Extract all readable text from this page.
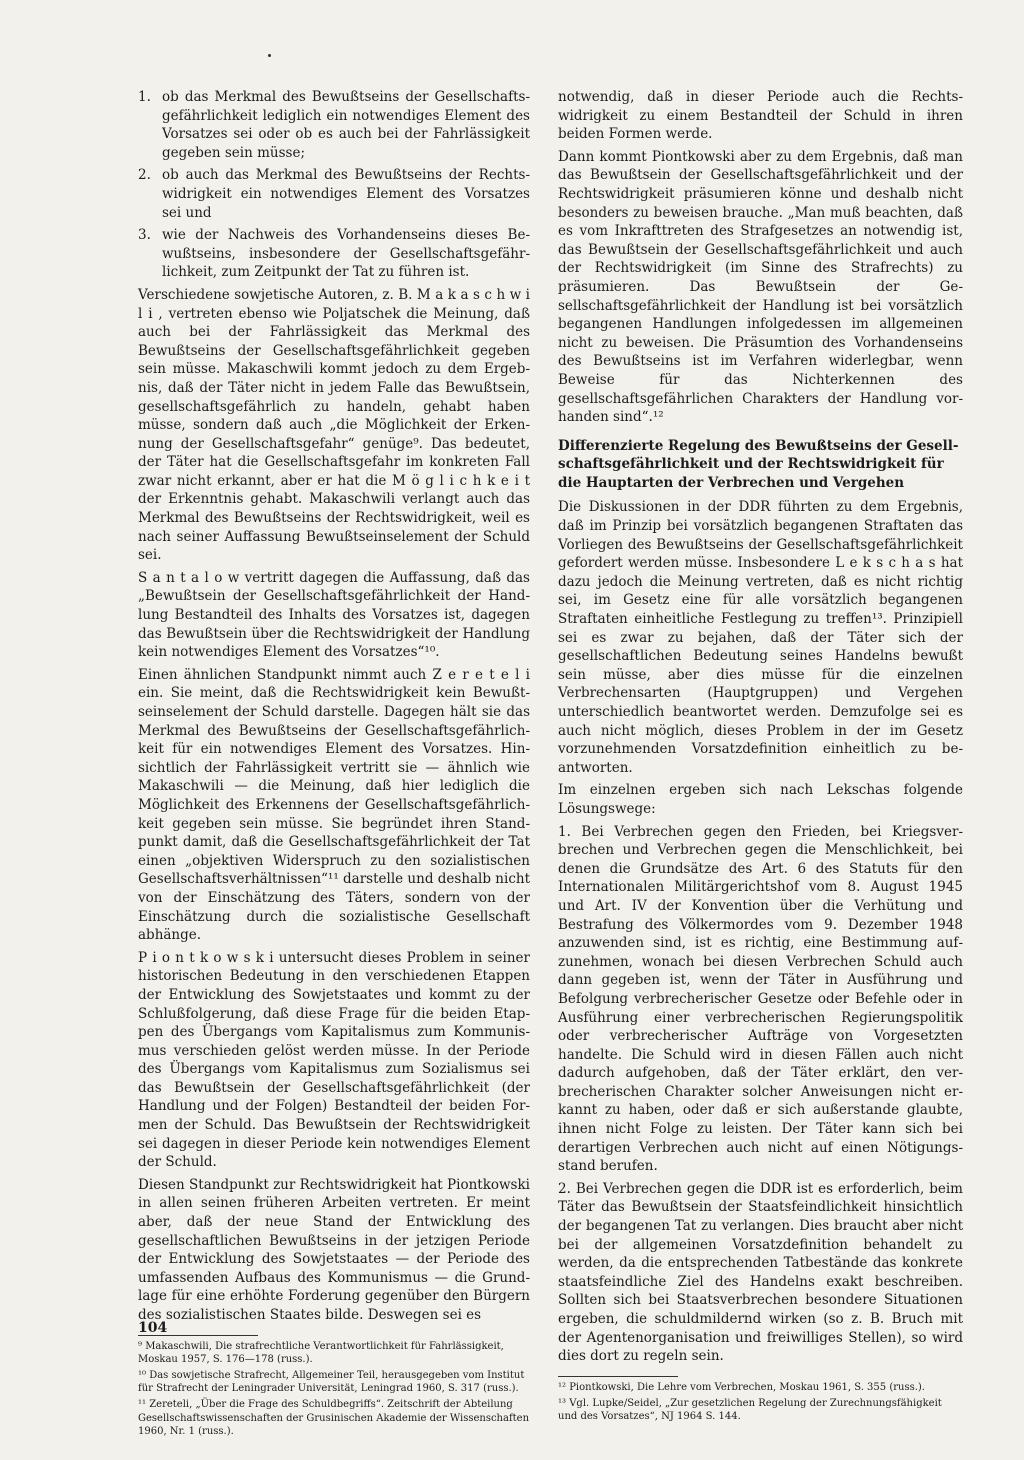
1. ob das Merkmal des Bewußtseins der Gesellschaftsgefährlichkeit lediglich ein notwendiges Element des Vorsatzes sei oder ob es auch bei der Fahrlässigkeit gegeben sein müsse;
2. ob auch das Merkmal des Bewußtseins der Rechtswidrigkeit ein notwendiges Element des Vorsatzes sei und
3. wie der Nachweis des Vorhandenseins dieses Bewußtseins, insbesondere der Gesellschaftsgefährlichkeit, zum Zeitpunkt der Tat zu führen ist.

Verschiedene sowjetische Autoren, z. B. M a k a s c h w i l i , vertreten ebenso wie Poljatschek die Meinung, daß auch bei der Fahrlässigkeit das Merkmal des Bewußtseins der Gesellschaftsgefährlichkeit gegeben sein müsse. Makaschwili kommt jedoch zu dem Ergebnis, daß der Täter nicht in jedem Falle das Bewußtsein, gesellschaftsgefährlich zu handeln, gehabt haben müsse, sondern daß auch „die Möglichkeit der Erkennung der Gesellschaftsgefahr“ genüge⁹. Das bedeutet, der Täter hat die Gesellschaftsgefahr im konkreten Fall zwar nicht erkannt, aber er hat die M ö g l i c h k e i t der Erkenntnis gehabt. Makaschwili verlangt auch das Merkmal des Bewußtseins der Rechtswidrigkeit, weil es nach seiner Auffassung Bewußtseinselement der Schuld sei.

S a n t a l o w vertritt dagegen die Auffassung, daß das „Bewußtsein der Gesellschaftsgefährlichkeit der Handlung Bestandteil des Inhalts des Vorsatzes ist, dagegen das Bewußtsein über die Rechtswidrigkeit der Handlung kein notwendiges Element des Vorsatzes“¹⁰.

Einen ähnlichen Standpunkt nimmt auch Z e r e t e l i ein. Sie meint, daß die Rechtswidrigkeit kein Bewußtseinselement der Schuld darstelle. Dagegen hält sie das Merkmal des Bewußtseins der Gesellschaftsgefährlichkeit für ein notwendiges Element des Vorsatzes. Hinsichtlich der Fahrlässigkeit vertritt sie — ähnlich wie Makaschwili — die Meinung, daß hier lediglich die Möglichkeit des Erkennens der Gesellschaftsgefährlichkeit gegeben sein müsse. Sie begründet ihren Standpunkt damit, daß die Gesellschaftsgefährlichkeit der Tat einen „objektiven Widerspruch zu den sozialistischen Gesellschaftsverhältnissen“¹¹ darstelle und deshalb nicht von der Einschätzung des Täters, sondern von der Einschätzung durch die sozialistische Gesellschaft abhänge.

P i o n t k o w s k i untersucht dieses Problem in seiner historischen Bedeutung in den verschiedenen Etappen der Entwicklung des Sowjetstaates und kommt zu der Schlußfolgerung, daß diese Frage für die beiden Etappen des Übergangs vom Kapitalismus zum Kommunismus verschieden gelöst werden müsse. In der Periode des Übergangs vom Kapitalismus zum Sozialismus sei das Bewußtsein der Gesellschaftsgefährlichkeit (der Handlung und der Folgen) Bestandteil der beiden Formen der Schuld. Das Bewußtsein der Rechtswidrigkeit sei dagegen in dieser Periode kein notwendiges Element der Schuld.

Diesen Standpunkt zur Rechtswidrigkeit hat Piontkowski in allen seinen früheren Arbeiten vertreten. Er meint aber, daß der neue Stand der Entwicklung des gesellschaftlichen Bewußtseins in der jetzigen Periode der Entwicklung des Sowjetstaates — der Periode des umfassenden Aufbaus des Kommunismus — die Grundlage für eine erhöhte Forderung gegenüber den Bürgern des sozialistischen Staates bilde. Deswegen sei es

⁹ Makaschwili, Die strafrechtliche Verantwortlichkeit für Fahrlässigkeit, Moskau 1957, S. 176—178 (russ.).
¹⁰ Das sowjetische Strafrecht, Allgemeiner Teil, herausgegeben vom Institut für Strafrecht der Leningrader Universität, Leningrad 1960, S. 317 (russ.).
¹¹ Zereteli, „Über die Frage des Schuldbegriffs“. Zeitschrift der Abteilung Gesellschaftswissenschaften der Grusinischen Akademie der Wissenschaften 1960, Nr. 1 (russ.).

notwendig, daß in dieser Periode auch die Rechtswidrigkeit zu einem Bestandteil der Schuld in ihren beiden Formen werde.

Dann kommt Piontkowski aber zu dem Ergebnis, daß man das Bewußtsein der Gesellschaftsgefährlichkeit und der Rechtswidrigkeit präsumieren könne und deshalb nicht besonders zu beweisen brauche. „Man muß beachten, daß es vom Inkrafttreten des Strafgesetzes an notwendig ist, das Bewußtsein der Gesellschaftsgefährlichkeit und auch der Rechtswidrigkeit (im Sinne des Strafrechts) zu präsumieren. Das Bewußtsein der Gesellschaftsgefährlichkeit der Handlung ist bei vorsätzlich begangenen Handlungen infolgedessen im allgemeinen nicht zu beweisen. Die Präsumtion des Vorhandenseins des Bewußtseins ist im Verfahren widerlegbar, wenn Beweise für das Nichterkennen des gesellschaftsgefährlichen Charakters der Handlung vorhanden sind“.¹²

Differenzierte Regelung des Bewußtseins der Gesellschaftsgefährlichkeit und der Rechtswidrigkeit für die Hauptarten der Verbrechen und Vergehen

Die Diskussionen in der DDR führten zu dem Ergebnis, daß im Prinzip bei vorsätzlich begangenen Straftaten das Vorliegen des Bewußtseins der Gesellschaftsgefährlichkeit gefordert werden müsse. Insbesondere L e k s c h a s hat dazu jedoch die Meinung vertreten, daß es nicht richtig sei, im Gesetz eine für alle vorsätzlich begangenen Straftaten einheitliche Festlegung zu treffen¹³. Prinzipiell sei es zwar zu bejahen, daß der Täter sich der gesellschaftlichen Bedeutung seines Handelns bewußt sein müsse, aber dies müsse für die einzelnen Verbrechensarten (Hauptgruppen) und Vergehen unterschiedlich beantwortet werden. Demzufolge sei es auch nicht möglich, dieses Problem in der im Gesetz vorzunehmenden Vorsatzdefinition einheitlich zu beantworten.

Im einzelnen ergeben sich nach Lekschas folgende Lösungswege:

1. Bei Verbrechen gegen den Frieden, bei Kriegsverbrechen und Verbrechen gegen die Menschlichkeit, bei denen die Grundsätze des Art. 6 des Statuts für den Internationalen Militärgerichtshof vom 8. August 1945 und Art. IV der Konvention über die Verhütung und Bestrafung des Völkermordes vom 9. Dezember 1948 anzuwenden sind, ist es richtig, eine Bestimmung aufzunehmen, wonach bei diesen Verbrechen Schuld auch dann gegeben ist, wenn der Täter in Ausführung und Befolgung verbrecherischer Gesetze oder Befehle oder in Ausführung einer verbrecherischen Regierungspolitik oder verbrecherischer Aufträge von Vorgesetzten handelte. Die Schuld wird in diesen Fällen auch nicht dadurch aufgehoben, daß der Täter erklärt, den verbrecherischen Charakter solcher Anweisungen nicht erkannt zu haben, oder daß er sich außerstande glaubte, ihnen nicht Folge zu leisten. Der Täter kann sich bei derartigen Verbrechen auch nicht auf einen Nötigungsstand berufen.

2. Bei Verbrechen gegen die DDR ist es erforderlich, beim Täter das Bewußtsein der Staatsfeindlichkeit hinsichtlich der begangenen Tat zu verlangen. Dies braucht aber nicht bei der allgemeinen Vorsatzdefinition behandelt zu werden, da die entsprechenden Tatbestände das konkrete staatsfeindliche Ziel des Handelns exakt beschreiben. Sollten sich bei Staatsverbrechen besondere Situationen ergeben, die schuldmildernd wirken (so z. B. Bruch mit der Agentenorganisation und freiwilliges Stellen), so wird dies dort zu regeln sein.

¹² Piontkowski, Die Lehre vom Verbrechen, Moskau 1961, S. 355 (russ.).
¹³ Vgl. Lupke/Seidel, „Zur gesetzlichen Regelung der Zurechnungsfähigkeit und des Vorsatzes“, NJ 1964 S. 144.
104
